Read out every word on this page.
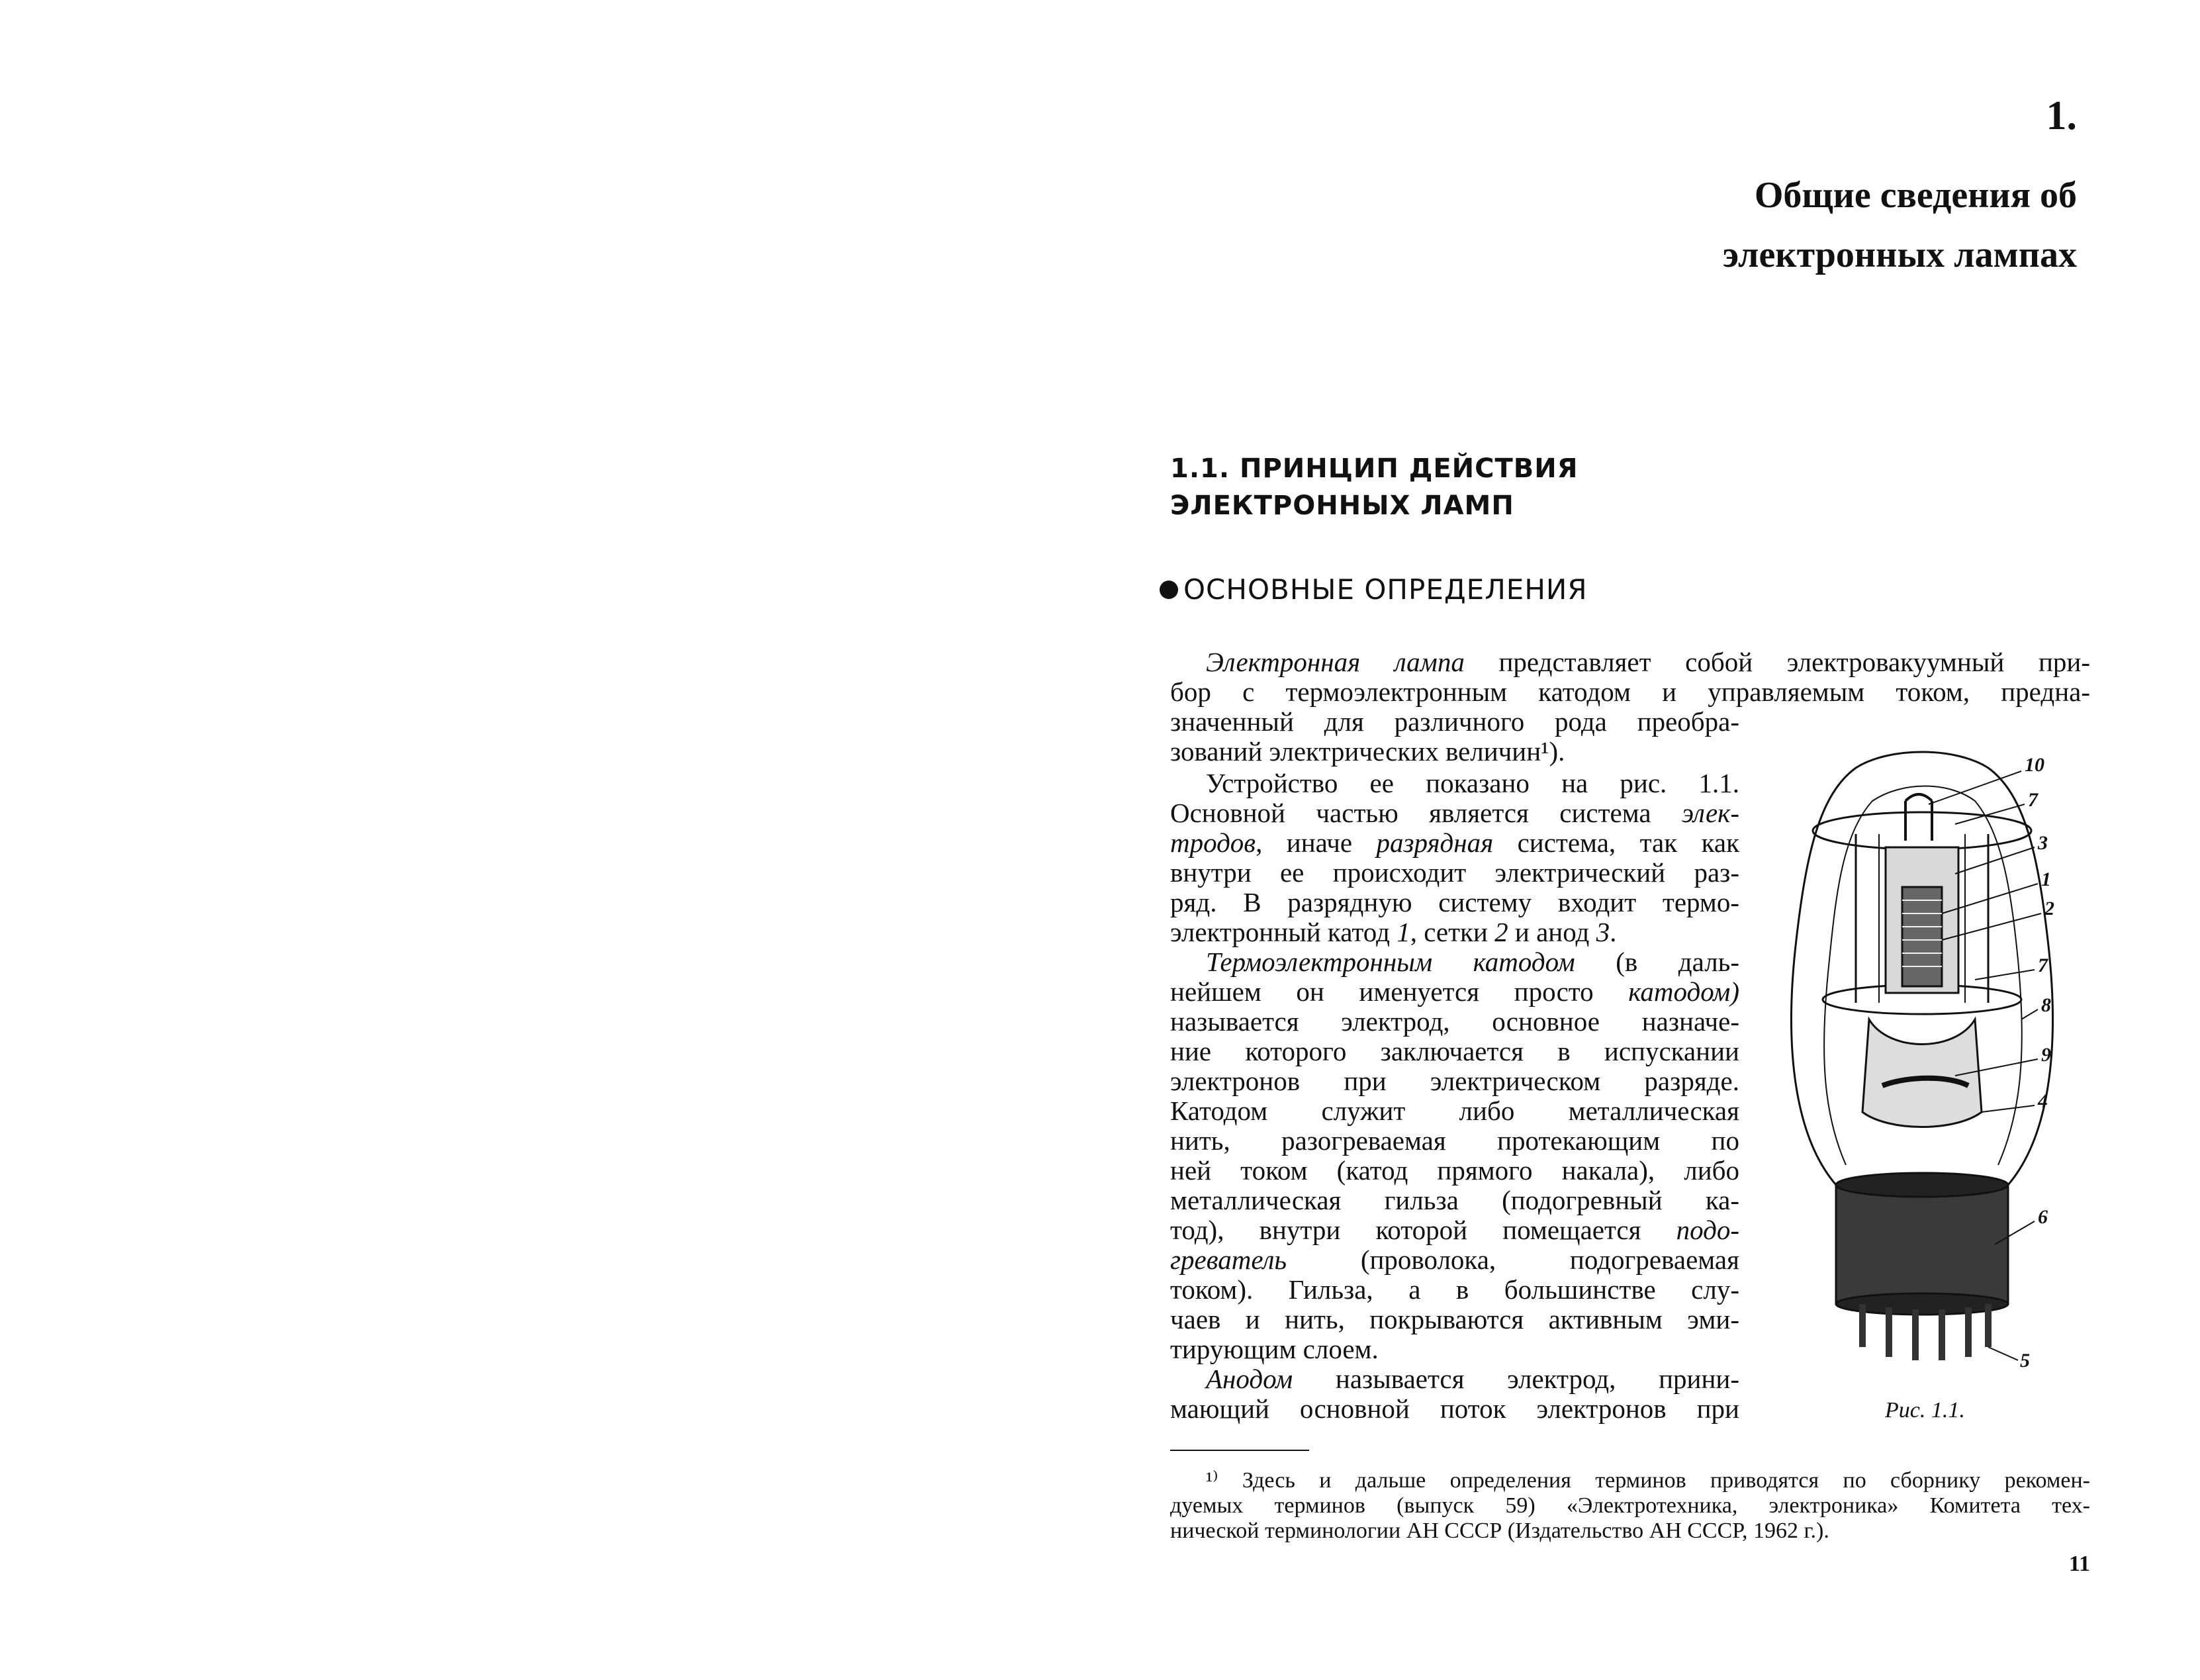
1.
Общие сведения об
электронных лампах
1.1. ПРИНЦИП ДЕЙСТВИЯ
ЭЛЕКТРОННЫХ ЛАМП
ОСНОВНЫЕ ОПРЕДЕЛЕНИЯ
Электронная лампа представляет собой электровакуумный при-
бор с термоэлектронным катодом и управляемым током, предна-
значенный для различного рода преобра-
зований электрических величин¹).
Устройство ее показано на рис. 1.1.
Основной частью является система элек-
тродов, иначе разрядная система, так как
внутри ее происходит электрический раз-
ряд. В разрядную систему входит термо-
электронный катод 1, сетки 2 и анод 3.
Термоэлектронным катодом (в даль-
нейшем он именуется просто катодом)
называется электрод, основное назначе-
ние которого заключается в испускании
электронов при электрическом разряде.
Катодом служит либо металлическая
нить, разогреваемая протекающим по
ней током (катод прямого накала), либо
металлическая гильза (подогревный ка-
тод), внутри которой помещается подо-
греватель (проволока, подогреваемая
током). Гильза, а в большинстве слу-
чаев и нить, покрываются активным эми-
тирующим слоем.
Анодом называется электрод, прини-
мающий основной поток электронов при
10
7
3
1
2
7
8
9
4
6
5
Рис. 1.1.
¹⁾ Здесь и дальше определения терминов приводятся по сборнику рекомен-
дуемых терминов (выпуск 59) «Электротехника, электроника» Комитета тех-
нической терминологии АН СССР (Издательство АН СССР, 1962 г.).
11
